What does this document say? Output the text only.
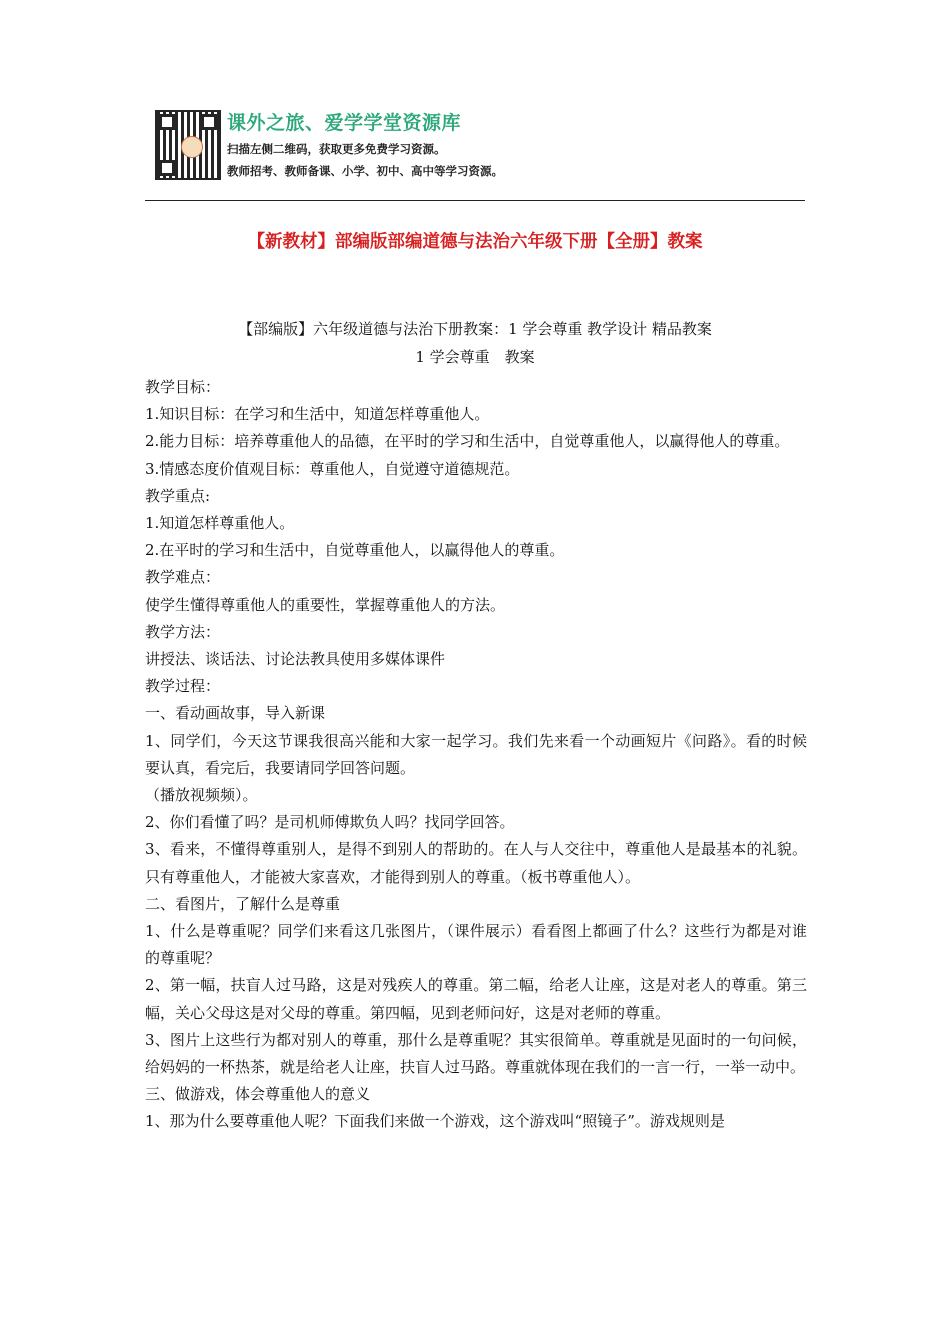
课外之旅、爱学学堂资源库
扫描左侧二维码，获取更多免费学习资源。
教师招考、教师备课、小学、初中、高中等学习资源。
【新教材】部编版部编道德与法治六年级下册【全册】教案
【部编版】六年级道德与法治下册教案：1 学会尊重 教学设计 精品教案
1 学会尊重　教案

教学目标：

1.知识目标：在学习和生活中，知道怎样尊重他人。

2.能力目标：培养尊重他人的品德，在平时的学习和生活中，自觉尊重他人，以赢得他人的尊重。

3.情感态度价值观目标：尊重他人，自觉遵守道德规范。

教学重点:

1.知道怎样尊重他人。

2.在平时的学习和生活中，自觉尊重他人，以赢得他人的尊重。

教学难点：

使学生懂得尊重他人的重要性，掌握尊重他人的方法。

教学方法：

讲授法、谈话法、讨论法教具使用多媒体课件

教学过程：

一、看动画故事，导入新课

1、同学们，今天这节课我很高兴能和大家一起学习。我们先来看一个动画短片《问路》。看的时候要认真，看完后，我要请同学回答问题。

（播放视频频）。

2、你们看懂了吗？是司机师傅欺负人吗？找同学回答。

3、看来，不懂得尊重别人，是得不到别人的帮助的。在人与人交往中，尊重他人是最基本的礼貌。只有尊重他人，才能被大家喜欢，才能得到别人的尊重。（板书尊重他人）。

二、看图片，了解什么是尊重

1、什么是尊重呢？同学们来看这几张图片，（课件展示）看看图上都画了什么？这些行为都是对谁的尊重呢？

2、第一幅，扶盲人过马路，这是对残疾人的尊重。第二幅，给老人让座，这是对老人的尊重。第三幅，关心父母这是对父母的尊重。第四幅，见到老师问好，这是对老师的尊重。

3、图片上这些行为都对别人的尊重，那什么是尊重呢？其实很简单。尊重就是见面时的一句问候，给妈妈的一杯热茶，就是给老人让座，扶盲人过马路。尊重就体现在我们的一言一行，一举一动中。

三、做游戏，体会尊重他人的意义

1、那为什么要尊重他人呢？下面我们来做一个游戏，这个游戏叫“照镜子”。游戏规则是
